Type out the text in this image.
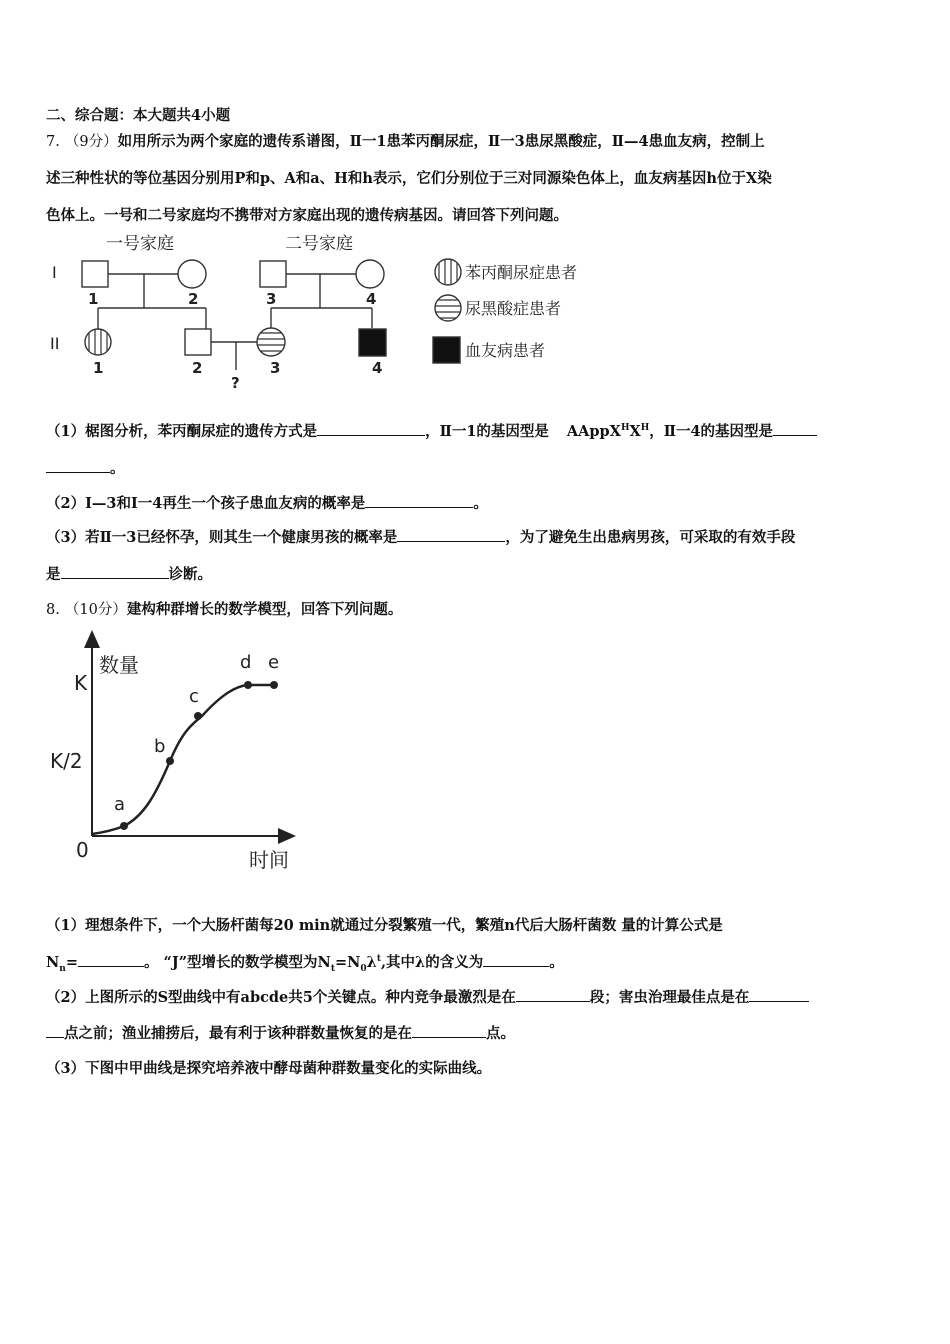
二、综合题：本大题共4小题
7. （9分）如用所示为两个家庭的遗传系谱图，Ⅱ一1患苯丙酮尿症，Ⅱ一3患尿黑酸症，Ⅱ—4患血友病，控制上
述三种性状的等位基因分别用P和p、A和a、H和h表示，它们分别位于三对同源染色体上，血友病基因h位于X染
色体上。一号和二号家庭均不携带对方家庭出现的遗传病基因。请回答下列问题。
一号家庭	二号家庭
I
II
1	2	3	4
1	2	3	4
?
苯丙酮尿症患者
尿黑酸症患者
血友病患者
（1）椐图分析，苯丙酮尿症的遗传方式是	，Ⅱ一1的基因型是 $AAppX^HX^H$，Ⅱ一4的基因型是
。
（2）Ⅰ—3和Ⅰ一4再生一个孩子患血友病的概率是	。
（3）若Ⅱ一3已经怀孕，则其生一个健康男孩的概率是	，为了避免生出患病男孩，可采取的有效手段
是	诊断。
8. （10分）建构种群增长的数学模型，回答下列问题。
数量
时间
K
K/2
0
a
b
c
d e
（1）理想条件下，一个大肠杆菌每20 min就通过分裂繁殖一代，繁殖n代后大肠杆菌数 量的计算公式是
$N_n=$	。 “J”型增长的数学模型为$N_t=N_0\lambda^t$,其中λ的含义为	。
（2）上图所示的S型曲线中有abcde共5个关键点。种内竞争最激烈是在	段；害虫治理最佳点是在
点之前；渔业捕捞后，最有利于该种群数量恢复的是在	点。
（3）下图中甲曲线是探究培养液中酵母菌种群数量变化的实际曲线。
